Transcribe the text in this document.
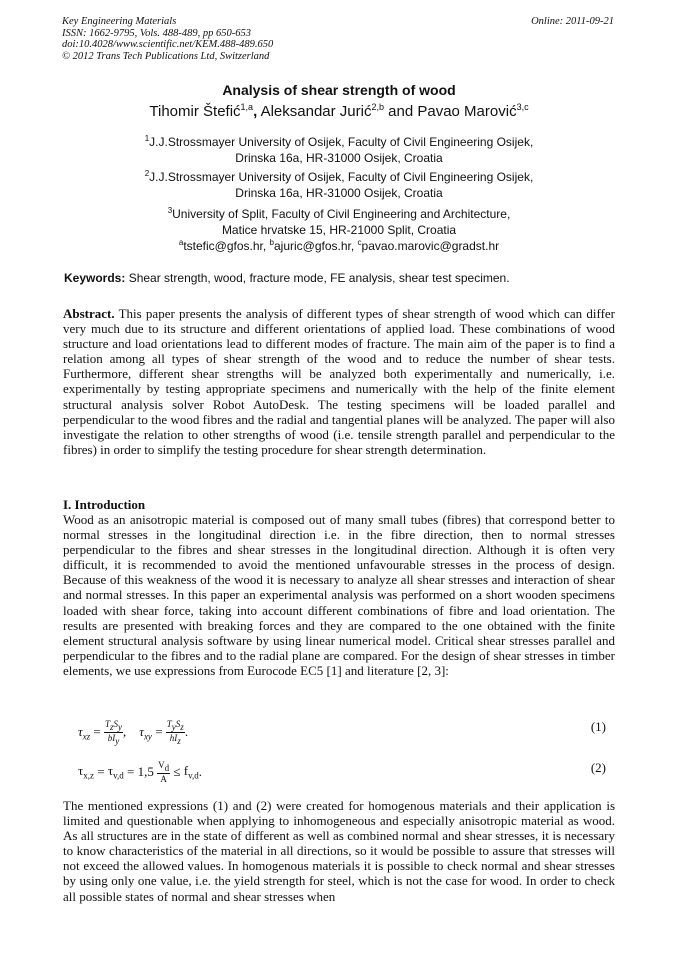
Key Engineering Materials
ISSN: 1662-9795, Vols. 488-489, pp 650-653
doi:10.4028/www.scientific.net/KEM.488-489.650
© 2012 Trans Tech Publications Ltd, Switzerland
Online: 2011-09-21
Analysis of shear strength of wood
Tihomir Štefić$^{1,a}$, Aleksandar Jurić$^{2,b}$ and Pavao Marović$^{3,c}$
$^1$J.J.Strossmayer University of Osijek, Faculty of Civil Engineering Osijek,
Drinska 16a, HR-31000 Osijek, Croatia
$^2$J.J.Strossmayer University of Osijek, Faculty of Civil Engineering Osijek,
Drinska 16a, HR-31000 Osijek, Croatia
$^3$University of Split, Faculty of Civil Engineering and Architecture,
Matice hrvatske 15, HR-21000 Split, Croatia
$^a$tstefic@gfos.hr, $^b$ajuric@gfos.hr, $^c$pavao.marovic@gradst.hr
Keywords: Shear strength, wood, fracture mode, FE analysis, shear test specimen.
Abstract. This paper presents the analysis of different types of shear strength of wood which can differ very much due to its structure and different orientations of applied load. These combinations of wood structure and load orientations lead to different modes of fracture. The main aim of the paper is to find a relation among all types of shear strength of the wood and to reduce the number of shear tests. Furthermore, different shear strengths will be analyzed both experimentally and numerically, i.e. experimentally by testing appropriate specimens and numerically with the help of the finite element structural analysis solver Robot AutoDesk. The testing specimens will be loaded parallel and perpendicular to the wood fibres and the radial and tangential planes will be analyzed. The paper will also investigate the relation to other strengths of wood (i.e. tensile strength parallel and perpendicular to the fibres) in order to simplify the testing procedure for shear strength determination.
I. Introduction
Wood as an anisotropic material is composed out of many small tubes (fibres) that correspond better to normal stresses in the longitudinal direction i.e. in the fibre direction, then to normal stresses perpendicular to the fibres and shear stresses in the longitudinal direction. Although it is often very difficult, it is recommended to avoid the mentioned unfavourable stresses in the process of design. Because of this weakness of the wood it is necessary to analyze all shear stresses and interaction of shear and normal stresses. In this paper an experimental analysis was performed on a short wooden specimens loaded with shear force, taking into account different combinations of fibre and load orientation. The results are presented with breaking forces and they are compared to the one obtained with the finite element structural analysis software by using linear numerical model. Critical shear stresses parallel and perpendicular to the fibres and to the radial plane are compared. For the design of shear stresses in timber elements, we use expressions from Eurocode EC5 [1] and literature [2, 3]:
$\tau_{xz} = \frac{T_zS_y}{bI_y}$ , $\tau_{xy} = \frac{T_yS_z}{hI_z}$ .	(1)
$\tau_{x,z} = \tau_{v,d} = 1,5 \frac{V_d}{A} \le f_{v,d}$.	(2)
The mentioned expressions (1) and (2) were created for homogenous materials and their application is limited and questionable when applying to inhomogeneous and especially anisotropic material as wood. As all structures are in the state of different as well as combined normal and shear stresses, it is necessary to know characteristics of the material in all directions, so it would be possible to assure that stresses will not exceed the allowed values. In homogenous materials it is possible to check normal and shear stresses by using only one value, i.e. the yield strength for steel, which is not the case for wood. In order to check all possible states of normal and shear stresses when
